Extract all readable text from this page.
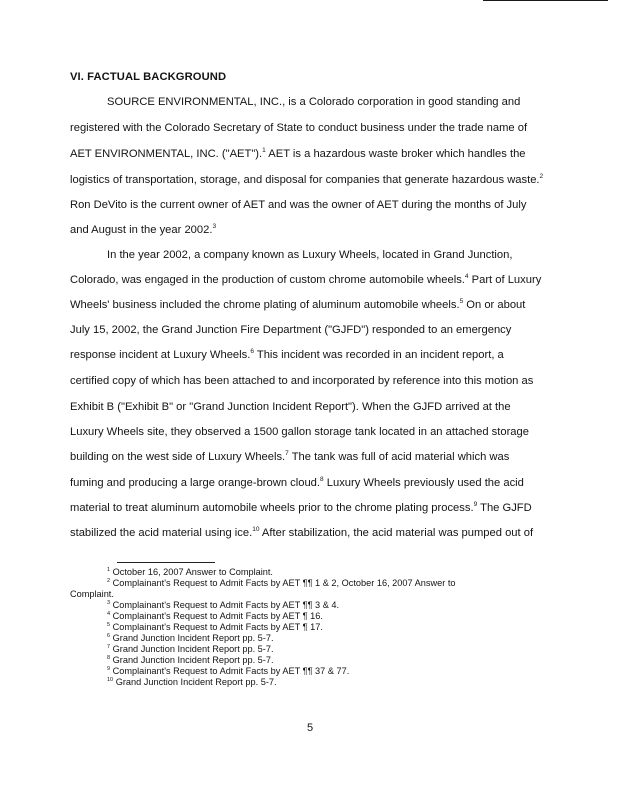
VI. FACTUAL BACKGROUND
SOURCE ENVIRONMENTAL, INC., is a Colorado corporation in good standing and
registered with the Colorado Secretary of State to conduct business under the trade name of
AET ENVIRONMENTAL, INC. ("AET").$^1$ AET is a hazardous waste broker which handles the
logistics of transportation, storage, and disposal for companies that generate hazardous waste.$^2$
Ron DeVito is the current owner of AET and was the owner of AET during the months of July
and August in the year 2002.$^3$
In the year 2002, a company known as Luxury Wheels, located in Grand Junction,
Colorado, was engaged in the production of custom chrome automobile wheels.$^4$ Part of Luxury
Wheels' business included the chrome plating of aluminum automobile wheels.$^5$ On or about
July 15, 2002, the Grand Junction Fire Department ("GJFD") responded to an emergency
response incident at Luxury Wheels.$^6$ This incident was recorded in an incident report, a
certified copy of which has been attached to and incorporated by reference into this motion as
Exhibit B ("Exhibit B" or "Grand Junction Incident Report"). When the GJFD arrived at the
Luxury Wheels site, they observed a 1500 gallon storage tank located in an attached storage
building on the west side of Luxury Wheels.$^7$ The tank was full of acid material which was
fuming and producing a large orange-brown cloud.$^8$ Luxury Wheels previously used the acid
material to treat aluminum automobile wheels prior to the chrome plating process.$^9$ The GJFD
stabilized the acid material using ice.$^{10}$ After stabilization, the acid material was pumped out of
$^1$ October 16, 2007 Answer to Complaint.
$^2$ Complainant's Request to Admit Facts by AET ¶¶ 1 & 2, October 16, 2007 Answer to
Complaint.
$^3$ Complainant's Request to Admit Facts by AET ¶¶ 3 & 4.
$^4$ Complainant's Request to Admit Facts by AET ¶ 16.
$^5$ Complainant's Request to Admit Facts by AET ¶ 17.
$^6$ Grand Junction Incident Report pp. 5-7.
$^7$ Grand Junction Incident Report pp. 5-7.
$^8$ Grand Junction Incident Report pp. 5-7.
$^9$ Complainant's Request to Admit Facts by AET ¶¶ 37 & 77.
$^{10}$ Grand Junction Incident Report pp. 5-7.
5
